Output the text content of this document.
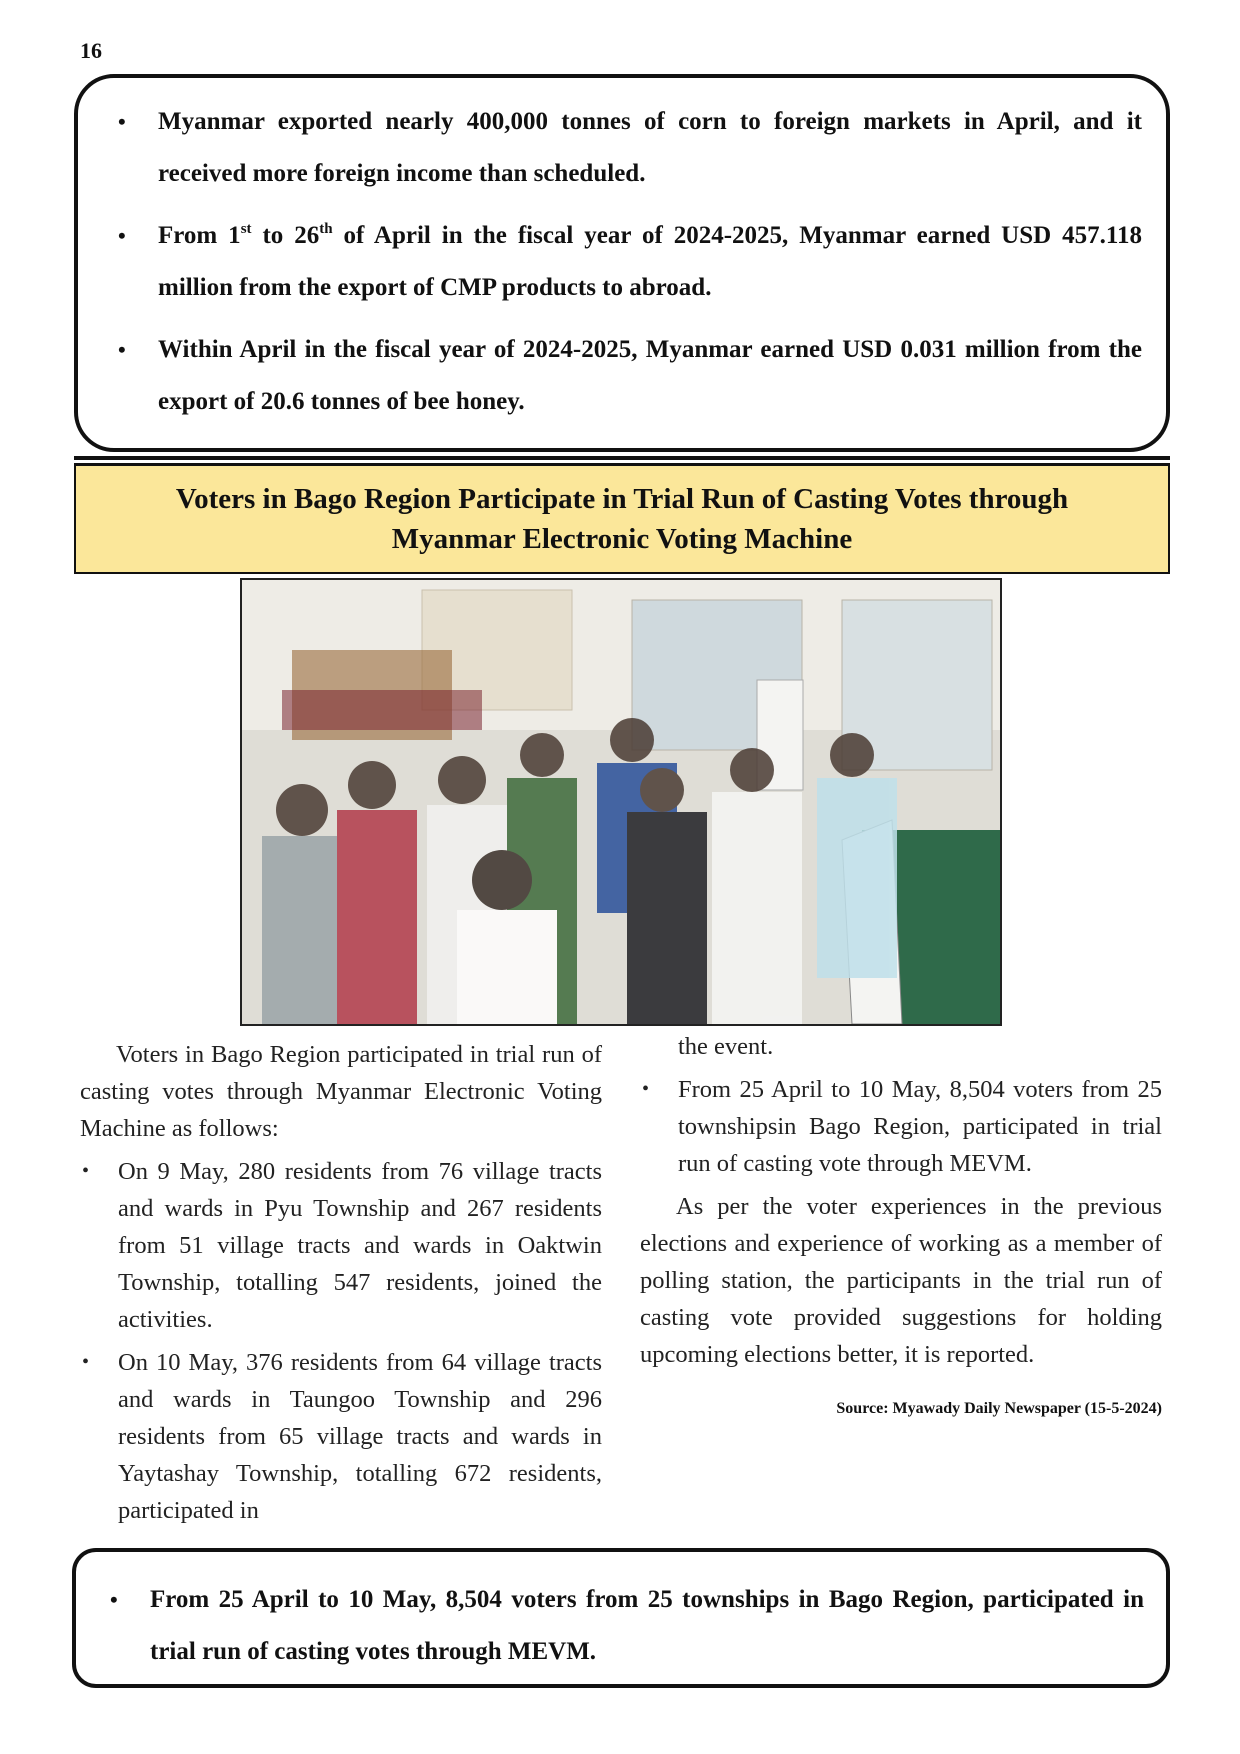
16
• Myanmar exported nearly 400,000 tonnes of corn to foreign markets in April, and it received more foreign income than scheduled.
• From 1st to 26th of April in the fiscal year of 2024-2025, Myanmar earned USD 457.118 million from the export of CMP products to abroad.
• Within April in the fiscal year of 2024-2025, Myanmar earned USD 0.031 million from the export of 20.6 tonnes of bee honey.
Voters in Bago Region Participate in Trial Run of Casting Votes through
Myanmar Electronic Voting Machine

Voters in Bago Region participated in trial run of casting votes through Myanmar Electronic Voting Machine as follows:

• On 9 May, 280 residents from 76 village tracts and wards in Pyu Township and 267 residents from 51 village tracts and wards in Oaktwin Township, totalling 547 residents, joined the activities.
• On 10 May, 376 residents from 64 village tracts and wards in Taungoo Township and 296 residents from 65 village tracts and wards in Yaytashay Township, totalling 672 residents, participated in

the event.

• From 25 April to 10 May, 8,504 voters from 25 townshipsin Bago Region, participated in trial run of casting vote through MEVM.

As per the voter experiences in the previous elections and experience of working as a member of polling station, the participants in the trial run of casting vote provided suggestions for holding upcoming elections better, it is reported.

Source: Myawady Daily Newspaper (15-5-2024)
• From 25 April to 10 May, 8,504 voters from 25 townships in Bago Region, participated in trial run of casting votes through MEVM.
